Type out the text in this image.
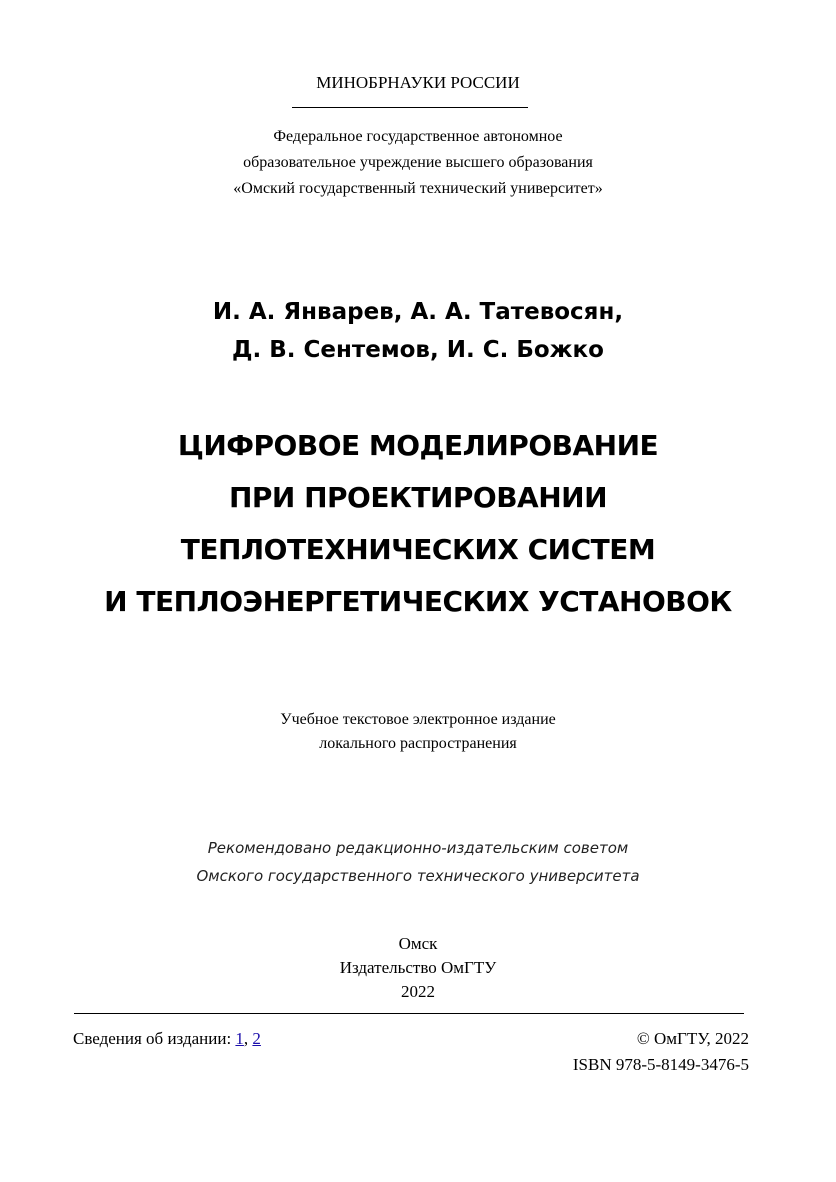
МИНОБРНАУКИ РОССИИ
Федеральное государственное автономное
образовательное учреждение высшего образования
«Омский государственный технический университет»
И. А. Январев, А. А. Татевосян,
Д. В. Сентемов, И. С. Божко
ЦИФРОВОЕ МОДЕЛИРОВАНИЕ
ПРИ ПРОЕКТИРОВАНИИ
ТЕПЛОТЕХНИЧЕСКИХ СИСТЕМ
И ТЕПЛОЭНЕРГЕТИЧЕСКИХ УСТАНОВОК
Учебное текстовое электронное издание
локального распространения
Рекомендовано редакционно-издательским советом
Омского государственного технического университета
Омск
Издательство ОмГТУ
2022
Сведения об издании: 1, 2	© ОмГТУ, 2022
ISBN 978-5-8149-3476-5
